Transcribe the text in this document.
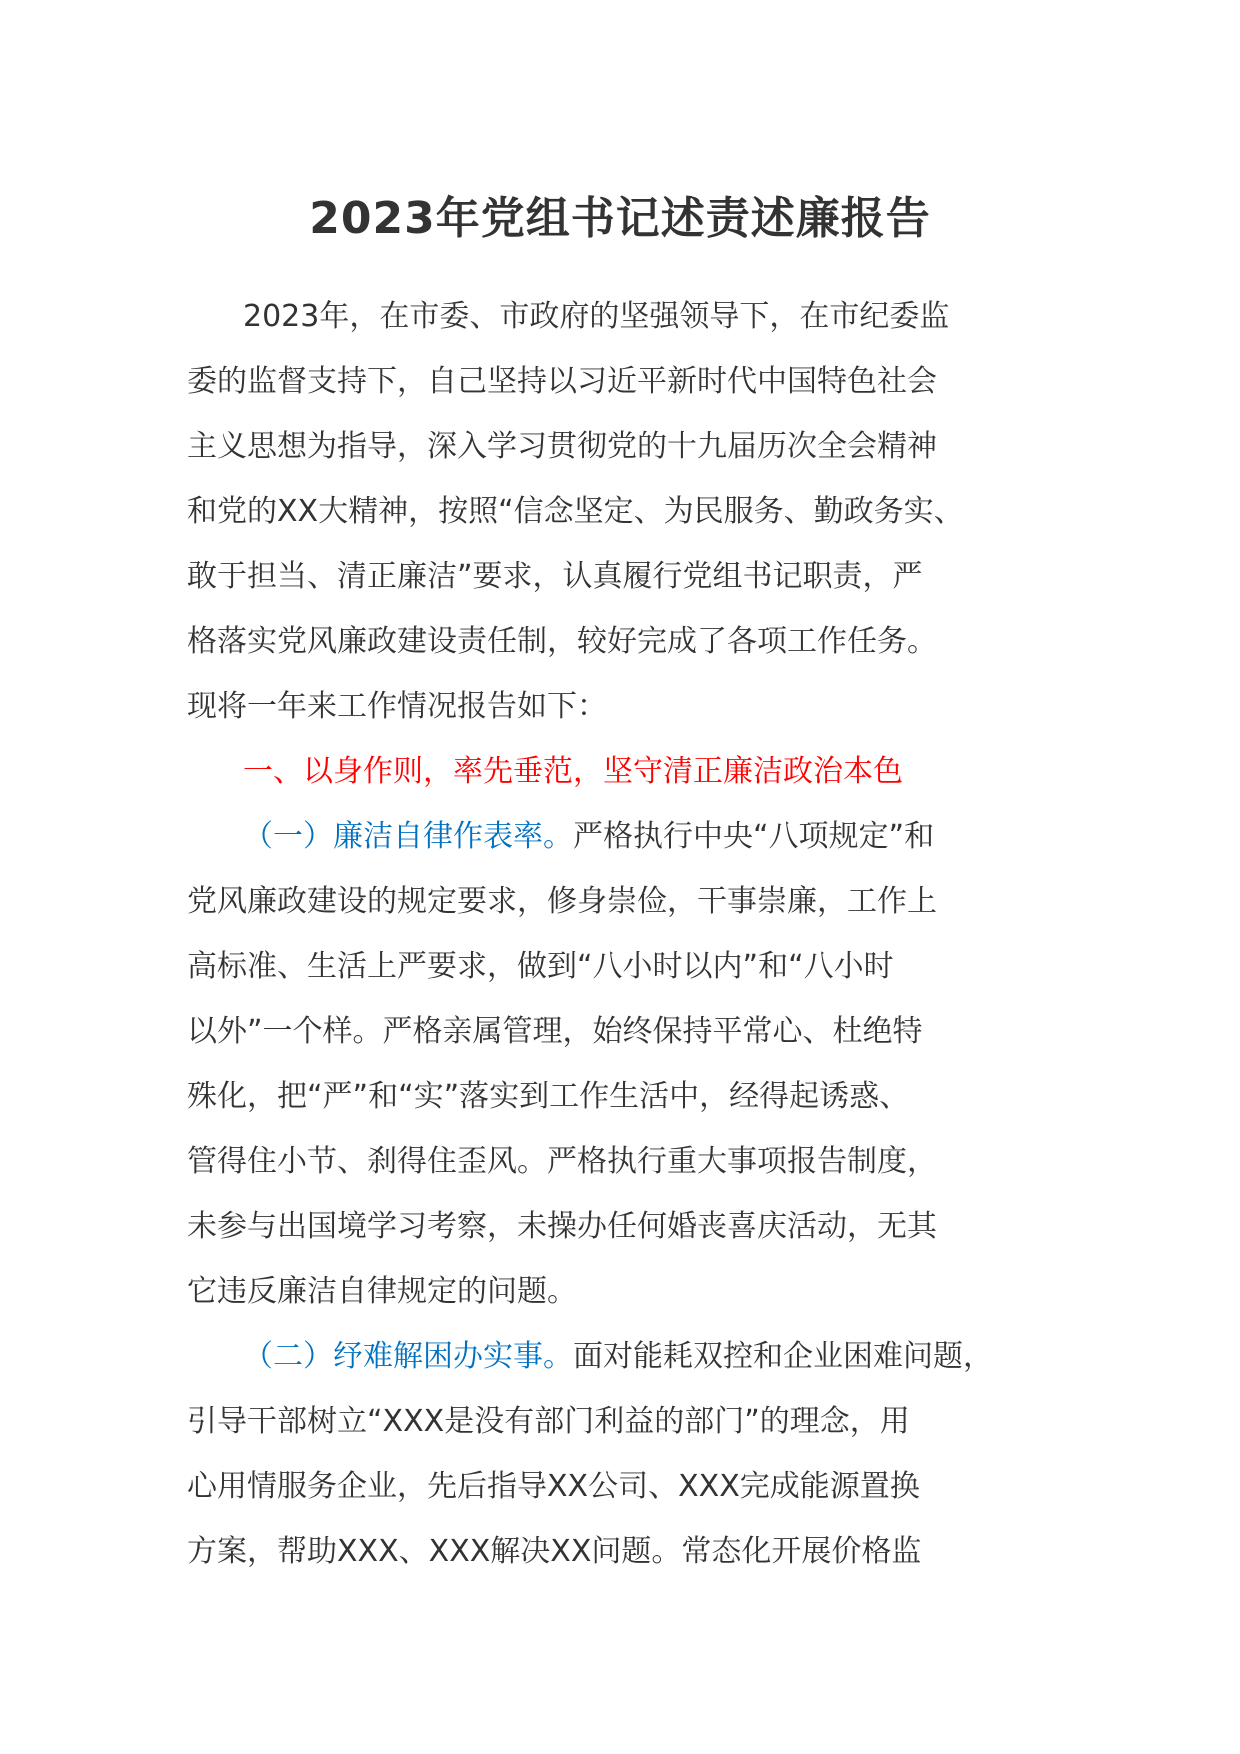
2023年党组书记述责述廉报告
2023年，在市委、市政府的坚强领导下，在市纪委监
委的监督支持下，自己坚持以习近平新时代中国特色社会
主义思想为指导，深入学习贯彻党的十九届历次全会精神
和党的XX大精神，按照“信念坚定、为民服务、勤政务实、
敢于担当、清正廉洁”要求，认真履行党组书记职责，严
格落实党风廉政建设责任制，较好完成了各项工作任务。
现将一年来工作情况报告如下：
一、以身作则，率先垂范，坚守清正廉洁政治本色
（一）廉洁自律作表率。严格执行中央“八项规定”和
党风廉政建设的规定要求，修身崇俭，干事崇廉，工作上
高标准、生活上严要求，做到“八小时以内”和“八小时
以外”一个样。严格亲属管理，始终保持平常心、杜绝特
殊化，把“严”和“实”落实到工作生活中，经得起诱惑、
管得住小节、刹得住歪风。严格执行重大事项报告制度，
未参与出国境学习考察，未操办任何婚丧喜庆活动，无其
它违反廉洁自律规定的问题。
（二）纾难解困办实事。面对能耗双控和企业困难问题，
引导干部树立“XXX是没有部门利益的部门”的理念，用
心用情服务企业，先后指导XX公司、XXX完成能源置换
方案，帮助XXX、XXX解决XX问题。常态化开展价格监
